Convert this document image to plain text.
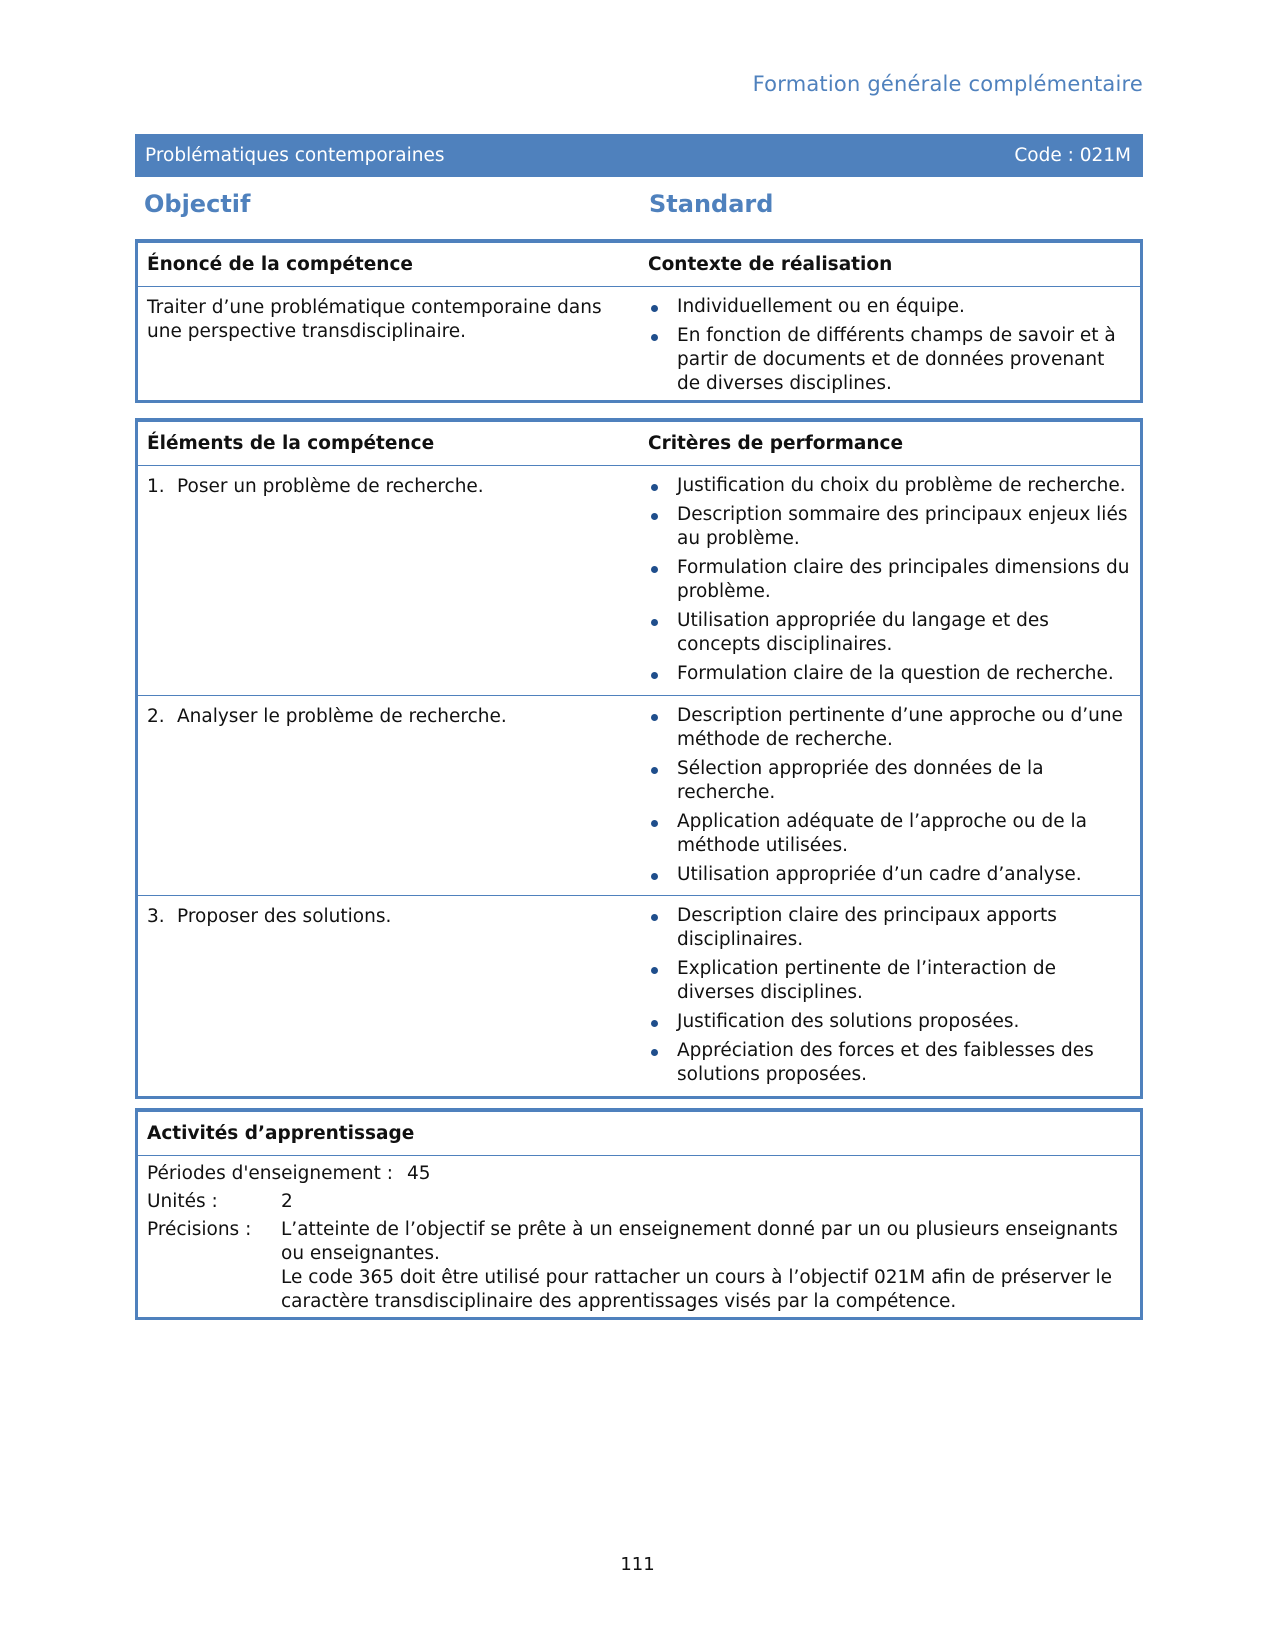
Formation générale complémentaire
Problématiques contemporaines	Code : 021M
Objectif	Standard
Énoncé de la compétence	Contexte de réalisation
Traiter d’une problématique contemporaine dans une perspective transdisciplinaire.
Individuellement ou en équipe.
En fonction de différents champs de savoir et à partir de documents et de données provenant de diverses disciplines.
Éléments de la compétence	Critères de performance
1. Poser un problème de recherche.	Justification du choix du problème de recherche.
Description sommaire des principaux enjeux liés au problème.
Formulation claire des principales dimensions du problème.
Utilisation appropriée du langage et des concepts disciplinaires.
Formulation claire de la question de recherche.
2. Analyser le problème de recherche.	Description pertinente d’une approche ou d’une méthode de recherche.
Sélection appropriée des données de la recherche.
Application adéquate de l’approche ou de la méthode utilisées.
Utilisation appropriée d’un cadre d’analyse.
3. Proposer des solutions.	Description claire des principaux apports disciplinaires.
Explication pertinente de l’interaction de diverses disciplines.
Justification des solutions proposées.
Appréciation des forces et des faiblesses des solutions proposées.
Activités d’apprentissage
Périodes d'enseignement : 45
Unités :	2
Précisions :	L’atteinte de l’objectif se prête à un enseignement donné par un ou plusieurs enseignants ou enseignantes.
Le code 365 doit être utilisé pour rattacher un cours à l’objectif 021M afin de préserver le caractère transdisciplinaire des apprentissages visés par la compétence.
111
